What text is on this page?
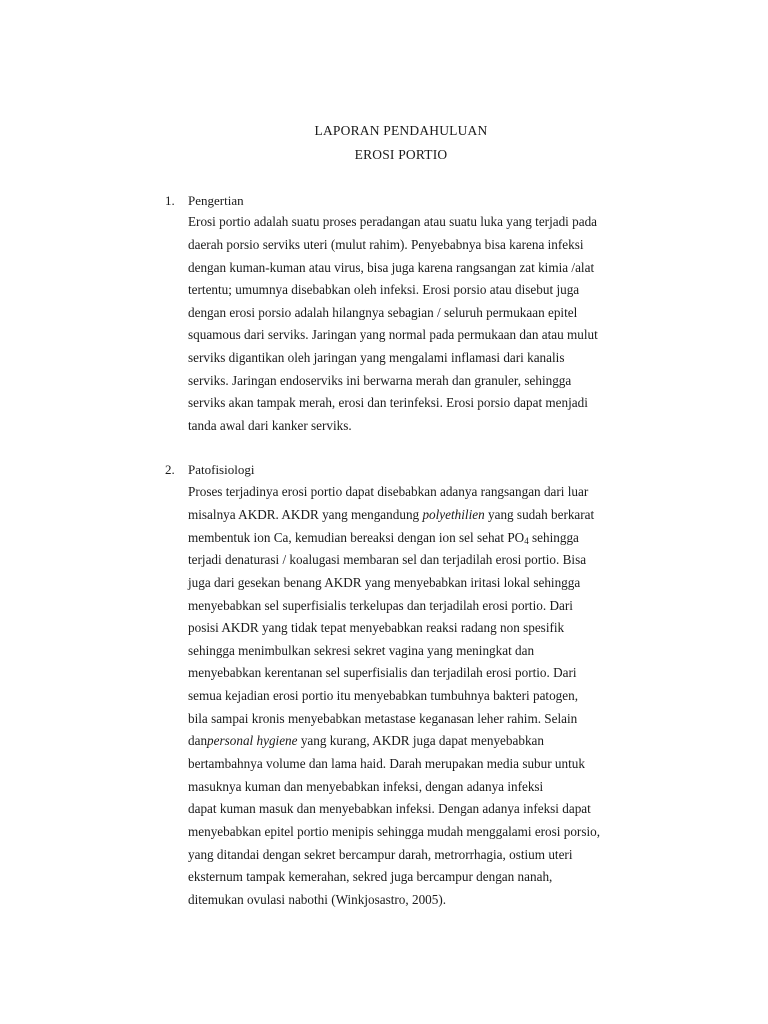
LAPORAN PENDAHULUAN
EROSI PORTIO
1. Pengertian
Erosi portio adalah suatu proses peradangan atau suatu luka yang terjadi pada
daerah porsio serviks uteri (mulut rahim). Penyebabnya bisa karena infeksi
dengan kuman-kuman atau virus, bisa juga karena rangsangan zat kimia /alat
tertentu; umumnya disebabkan oleh infeksi. Erosi porsio atau disebut juga
dengan erosi porsio adalah hilangnya sebagian / seluruh permukaan epitel
squamous dari serviks. Jaringan yang normal pada permukaan dan atau mulut
serviks digantikan oleh jaringan yang mengalami inflamasi dari kanalis
serviks. Jaringan endoserviks ini berwarna merah dan granuler, sehingga
serviks akan tampak merah, erosi dan terinfeksi. Erosi porsio dapat menjadi
tanda awal dari kanker serviks.
2. Patofisiologi
Proses terjadinya erosi portio dapat disebabkan adanya rangsangan dari luar
misalnya AKDR. AKDR yang mengandung polyethilien yang sudah berkarat
membentuk ion Ca, kemudian bereaksi dengan ion sel sehat $PO_4$ sehingga
terjadi denaturasi / koalugasi membaran sel dan terjadilah erosi portio. Bisa
juga dari gesekan benang AKDR yang menyebabkan iritasi lokal sehingga
menyebabkan sel superfisialis terkelupas dan terjadilah erosi portio. Dari
posisi AKDR yang tidak tepat menyebabkan reaksi radang non spesifik
sehingga menimbulkan sekresi sekret vagina yang meningkat dan
menyebabkan kerentanan sel superfisialis dan terjadilah erosi portio. Dari
semua kejadian erosi portio itu menyebabkan tumbuhnya bakteri patogen,
bila sampai kronis menyebabkan metastase keganasan leher rahim. Selain
danpersonal hygiene yang kurang, AKDR juga dapat menyebabkan
bertambahnya volume dan lama haid. Darah merupakan media subur untuk
masuknya kuman dan menyebabkan infeksi, dengan adanya infeksi
dapat kuman masuk dan menyebabkan infeksi. Dengan adanya infeksi dapat
menyebabkan epitel portio menipis sehingga mudah menggalami erosi porsio,
yang ditandai dengan sekret bercampur darah, metrorrhagia, ostium uteri
eksternum tampak kemerahan, sekred juga bercampur dengan nanah,
ditemukan ovulasi nabothi (Winkjosastro, 2005).
